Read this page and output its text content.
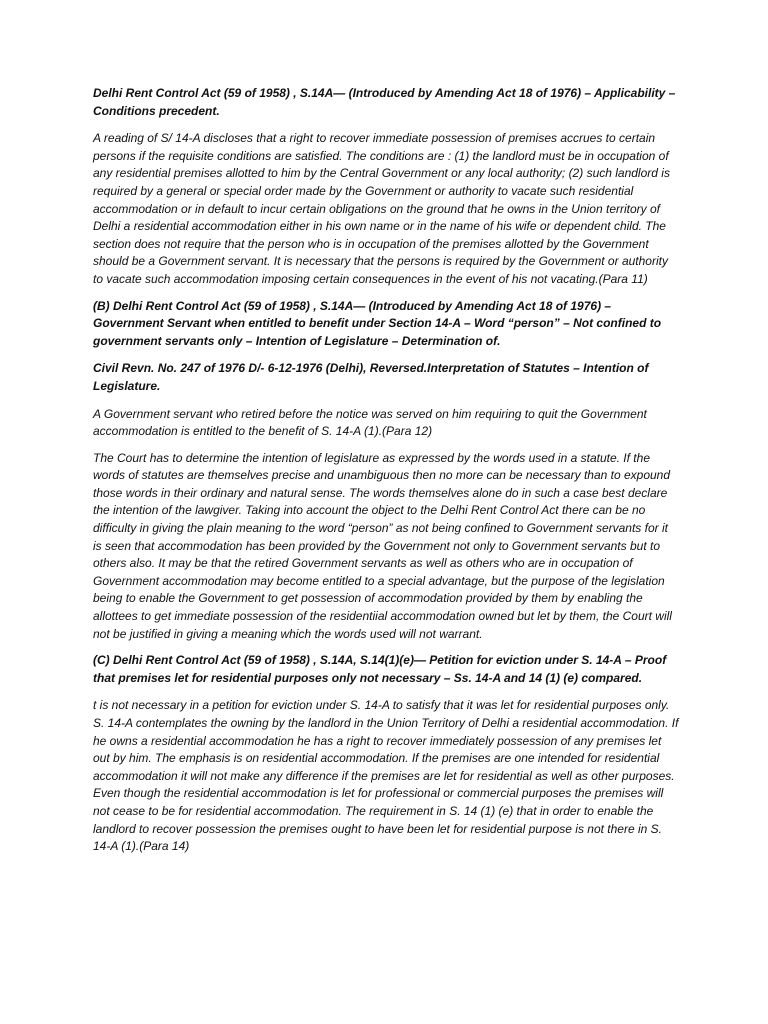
Delhi Rent Control Act (59 of 1958) , S.14A— (Introduced by Amending Act 18 of 1976) – Applicability – Conditions precedent.

A reading of S/ 14-A discloses that a right to recover immediate possession of premises accrues to certain persons if the requisite conditions are satisfied. The conditions are : (1) the landlord must be in occupation of any residential premises allotted to him by the Central Government or any local authority; (2) such landlord is required by a general or special order made by the Government or authority to vacate such residential accommodation or in default to incur certain obligations on the ground that he owns in the Union territory of Delhi a residential accommodation either in his own name or in the name of his wife or dependent child. The section does not require that the person who is in occupation of the premises allotted by the Government should be a Government servant. It is necessary that the persons is required by the Government or authority to vacate such accommodation imposing certain consequences in the event of his not vacating.(Para 11)

(B) Delhi Rent Control Act (59 of 1958) , S.14A— (Introduced by Amending Act 18 of 1976) – Government Servant when entitled to benefit under Section 14-A – Word “person” – Not confined to government servants only – Intention of Legislature – Determination of.

Civil Revn. No. 247 of 1976 D/- 6-12-1976 (Delhi), Reversed.Interpretation of Statutes – Intention of Legislature.

A Government servant who retired before the notice was served on him requiring to quit the Government accommodation is entitled to the benefit of S. 14-A (1).(Para 12)

The Court has to determine the intention of legislature as expressed by the words used in a statute. If the words of statutes are themselves precise and unambiguous then no more can be necessary than to expound those words in their ordinary and natural sense. The words themselves alone do in such a case best declare the intention of the lawgiver. Taking into account the object to the Delhi Rent Control Act there can be no difficulty in giving the plain meaning to the word “person” as not being confined to Government servants for it is seen that accommodation has been provided by the Government not only to Government servants but to others also. It may be that the retired Government servants as well as others who are in occupation of Government accommodation may become entitled to a special advantage, but the purpose of the legislation being to enable the Government to get possession of accommodation provided by them by enabling the allottees to get immediate possession of the residentiial accommodation owned but let by them, the Court will not be justified in giving a meaning which the words used will not warrant.

(C) Delhi Rent Control Act (59 of 1958) , S.14A, S.14(1)(e)— Petition for eviction under S. 14-A – Proof that premises let for residential purposes only not necessary – Ss. 14-A and 14 (1) (e) compared.

t is not necessary in a petition for eviction under S. 14-A to satisfy that it was let for residential purposes only. S. 14-A contemplates the owning by the landlord in the Union Territory of Delhi a residential accommodation. If he owns a residential accommodation he has a right to recover immediately possession of any premises let out by him. The emphasis is on residential accommodation. If the premises are one intended for residential accommodation it will not make any difference if the premises are let for residential as well as other purposes. Even though the residential accommodation is let for professional or commercial purposes the premises will not cease to be for residential accommodation. The requirement in S. 14 (1) (e) that in order to enable the landlord to recover possession the premises ought to have been let for residential purpose is not there in S. 14-A (1).(Para 14)
